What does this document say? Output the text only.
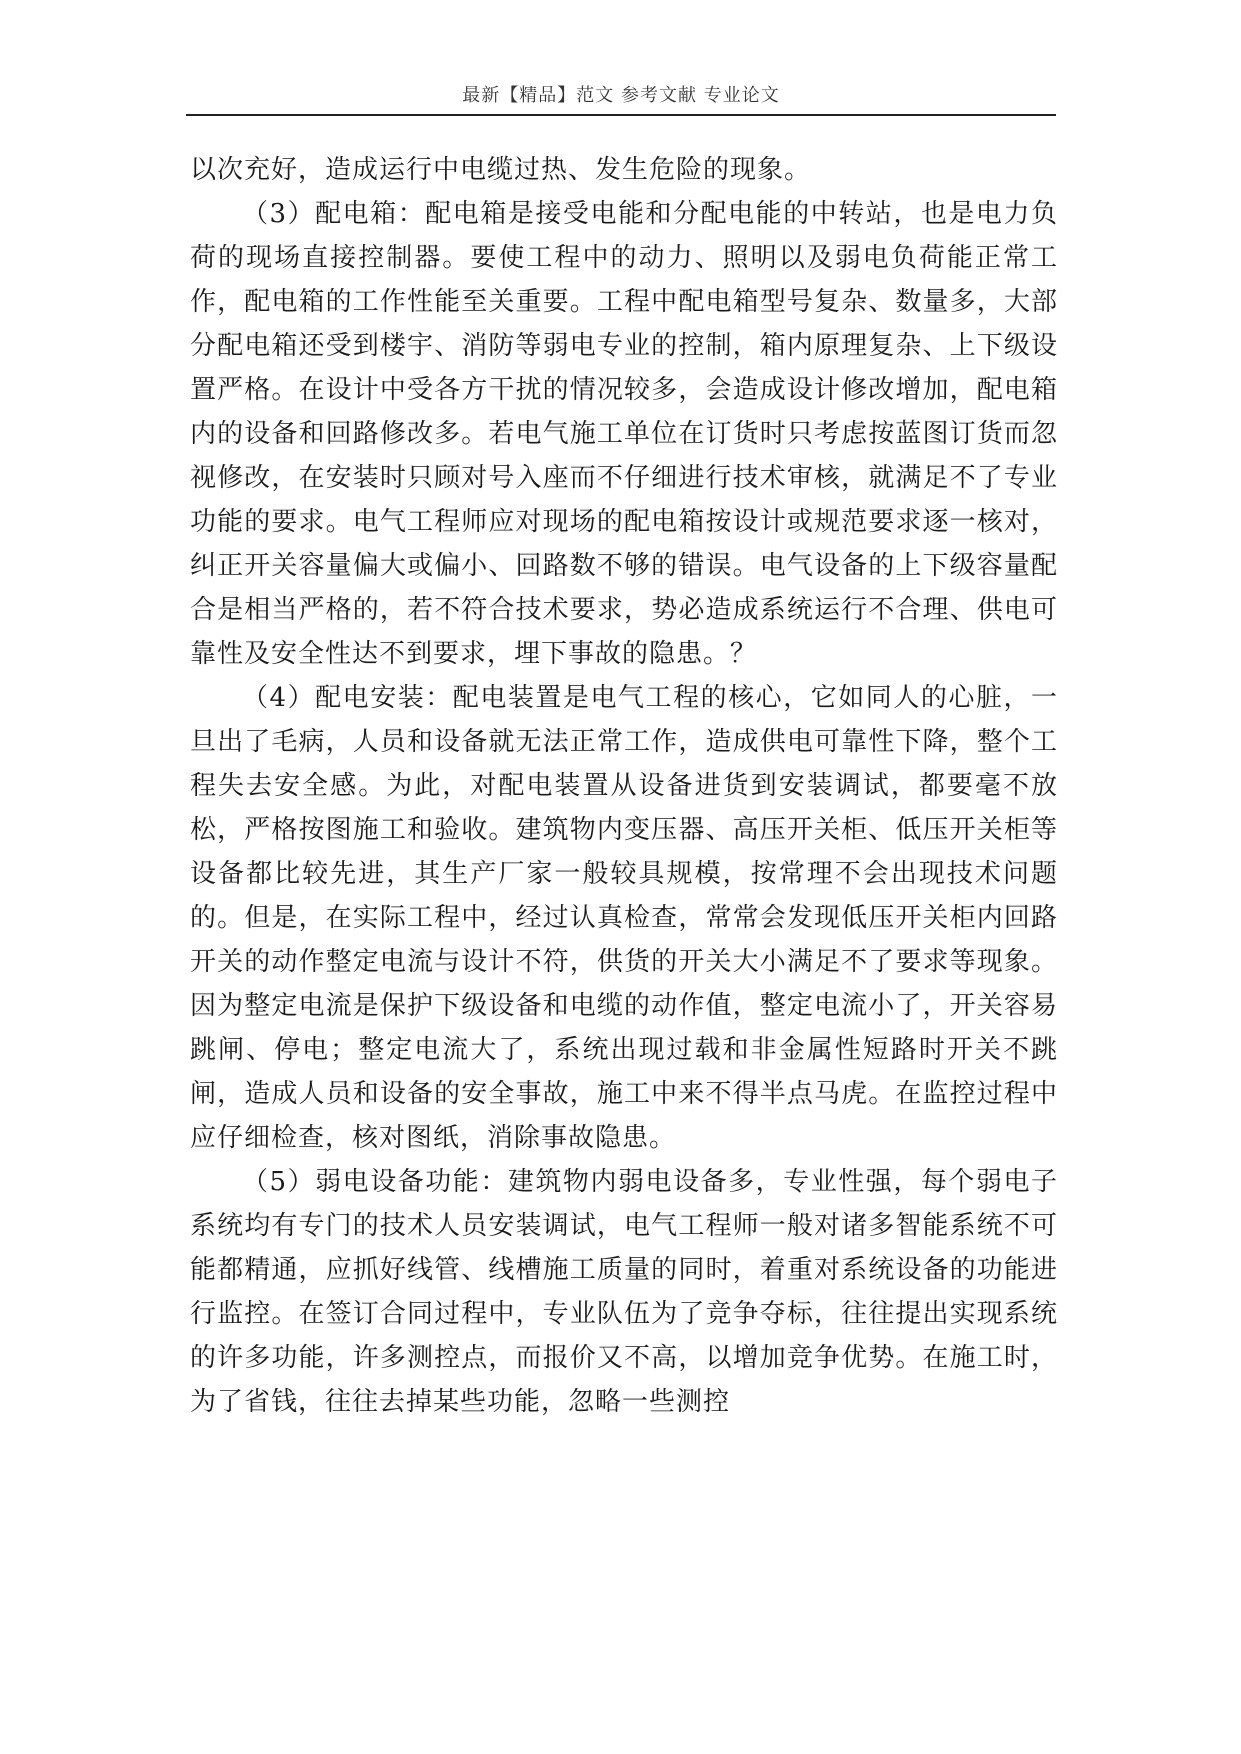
最新【精品】范文 参考文献 专业论文

以次充好，造成运行中电缆过热、发生危险的现象。

（3）配电箱：配电箱是接受电能和分配电能的中转站，也是电力负荷的现场直接控制器。要使工程中的动力、照明以及弱电负荷能正常工作，配电箱的工作性能至关重要。工程中配电箱型号复杂、数量多，大部分配电箱还受到楼宇、消防等弱电专业的控制，箱内原理复杂、上下级设置严格。在设计中受各方干扰的情况较多，会造成设计修改增加，配电箱内的设备和回路修改多。若电气施工单位在订货时只考虑按蓝图订货而忽视修改，在安装时只顾对号入座而不仔细进行技术审核，就满足不了专业功能的要求。电气工程师应对现场的配电箱按设计或规范要求逐一核对，纠正开关容量偏大或偏小、回路数不够的错误。电气设备的上下级容量配合是相当严格的，若不符合技术要求，势必造成系统运行不合理、供电可靠性及安全性达不到要求，埋下事故的隐患。？

（4）配电安装：配电装置是电气工程的核心，它如同人的心脏，一旦出了毛病，人员和设备就无法正常工作，造成供电可靠性下降，整个工程失去安全感。为此，对配电装置从设备进货到安装调试，都要毫不放松，严格按图施工和验收。建筑物内变压器、高压开关柜、低压开关柜等设备都比较先进，其生产厂家一般较具规模，按常理不会出现技术问题的。但是，在实际工程中，经过认真检查，常常会发现低压开关柜内回路开关的动作整定电流与设计不符，供货的开关大小满足不了要求等现象。因为整定电流是保护下级设备和电缆的动作值，整定电流小了，开关容易跳闸、停电；整定电流大了，系统出现过载和非金属性短路时开关不跳闸，造成人员和设备的安全事故，施工中来不得半点马虎。在监控过程中应仔细检查，核对图纸，消除事故隐患。

（5）弱电设备功能：建筑物内弱电设备多，专业性强，每个弱电子系统均有专门的技术人员安装调试，电气工程师一般对诸多智能系统不可能都精通，应抓好线管、线槽施工质量的同时，着重对系统设备的功能进行监控。在签订合同过程中，专业队伍为了竞争夺标，往往提出实现系统的许多功能，许多测控点，而报价又不高，以增加竞争优势。在施工时，为了省钱，往往去掉某些功能，忽略一些测控
